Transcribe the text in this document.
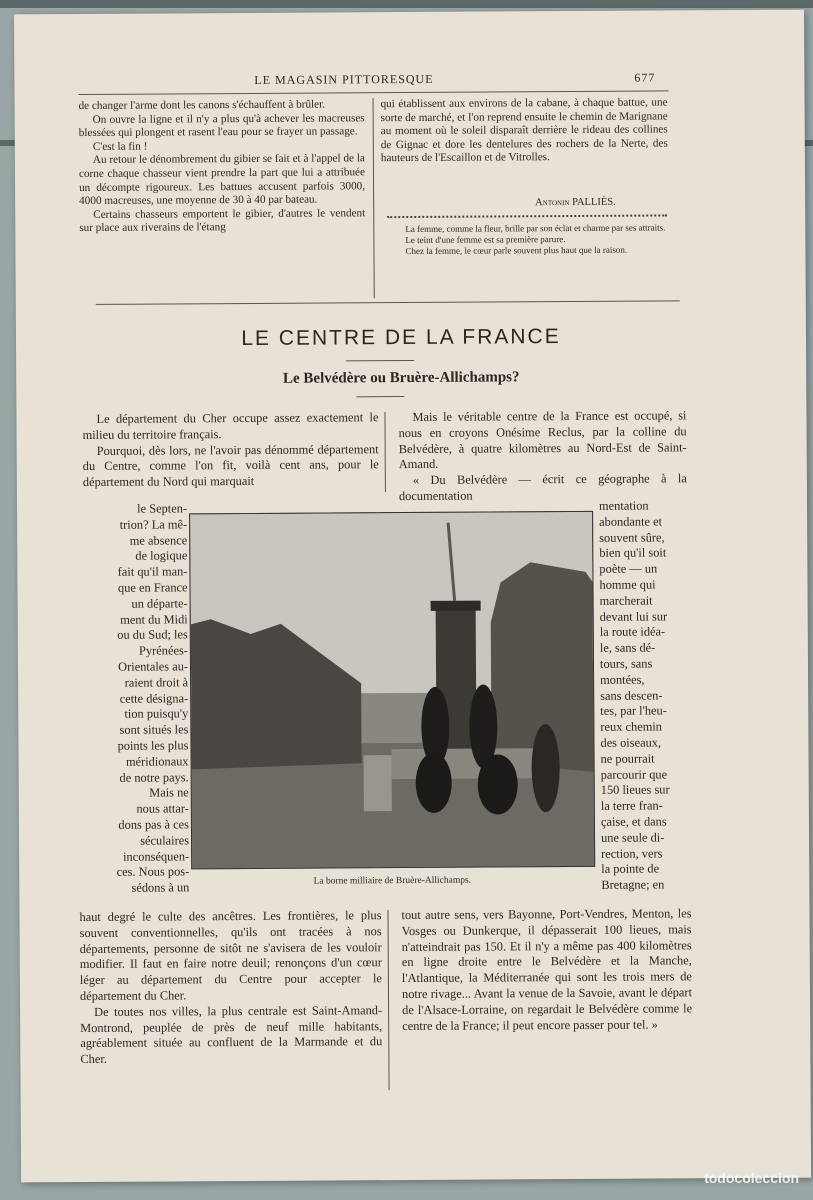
LE MAGASIN PITTORESQUE	677

de changer l'arme dont les canons s'échauffent à brûler.

On ouvre la ligne et il n'y a plus qu'à achever les macreuses blessées qui plongent et rasent l'eau pour se frayer un passage.

C'est la fin !

Au retour le dénombrement du gibier se fait et à l'appel de la corne chaque chasseur vient prendre la part que lui a attribuée un décompte rigoureux. Les battues accusent parfois 3000, 4000 macreuses, une moyenne de 30 à 40 par bateau.

Certains chasseurs emportent le gibier, d'autres le vendent sur place aux riverains de l'étang

qui établissent aux environs de la cabane, à chaque battue, une sorte de marché, et l'on reprend ensuite le chemin de Marignane au moment où le soleil disparaît derrière le rideau des collines de Gignac et dore les dentelures des rochers de la Nerte, des hauteurs de l'Escaillon et de Vitrolles.

Antonin PALLIÈS.
La femme, comme la fleur, brille par son éclat et charme par ses attraits.
Le teint d'une femme est sa première parure.
Chez la femme, le cœur parle souvent plus haut que la raison.
LE CENTRE DE LA FRANCE
Le Belvédère ou Bruère-Allichamps?

Le département du Cher occupe assez exactement le milieu du territoire français.

Pourquoi, dès lors, ne l'avoir pas dénommé département du Centre, comme l'on fit, voilà cent ans, pour le département du Nord qui marquait

Mais le véritable centre de la France est occupé, si nous en croyons Onésime Reclus, par la colline du Belvédère, à quatre kilomètres au Nord-Est de Saint-Amand.

« Du Belvédère — écrit ce géographe à la documentation

le Septen-
trion? La mê-
me absence
de logique
fait qu'il man-
que en France
un départe-
ment du Midi
ou du Sud; les
Pyrénées-
Orientales au-
raient droit à
cette désigna-
tion puisqu'y
sont situés les
points les plus
méridionaux
de notre pays.
Mais ne
nous attar-
dons pas à ces
séculaires
inconséquen-
ces. Nous pos-
sédons à un	La borne milliaire de Bruère-Allichamps.
mentation
abondante et
souvent sûre,
bien qu'il soit
poète — un
homme qui
marcherait
devant lui sur
la route idéa-
le, sans dé-
tours, sans
montées,
sans descen-
tes, par l'heu-
reux chemin
des oiseaux,
ne pourrait
parcourir que
150 lieues sur
la terre fran-
çaise, et dans
une seule di-
rection, vers
la pointe de
Bretagne; en

haut degré le culte des ancêtres. Les frontières, le plus souvent conventionnelles, qu'ils ont tracées à nos départements, personne de sitôt ne s'avisera de les vouloir modifier. Il faut en faire notre deuil; renonçons d'un cœur léger au département du Centre pour accepter le département du Cher.

De toutes nos villes, la plus centrale est Saint-Amand-Montrond, peuplée de près de neuf mille habitants, agréablement située au confluent de la Marmande et du Cher.

tout autre sens, vers Bayonne, Port-Vendres, Menton, les Vosges ou Dunkerque, il dépasserait 100 lieues, mais n'atteindrait pas 150. Et il n'y a même pas 400 kilomètres en ligne droite entre le Belvédère et la Manche, l'Atlantique, la Méditerranée qui sont les trois mers de notre rivage... Avant la venue de la Savoie, avant le départ de l'Alsace-Lorraine, on regardait le Belvédère comme le centre de la France; il peut encore passer pour tel. »

todocoleccion
